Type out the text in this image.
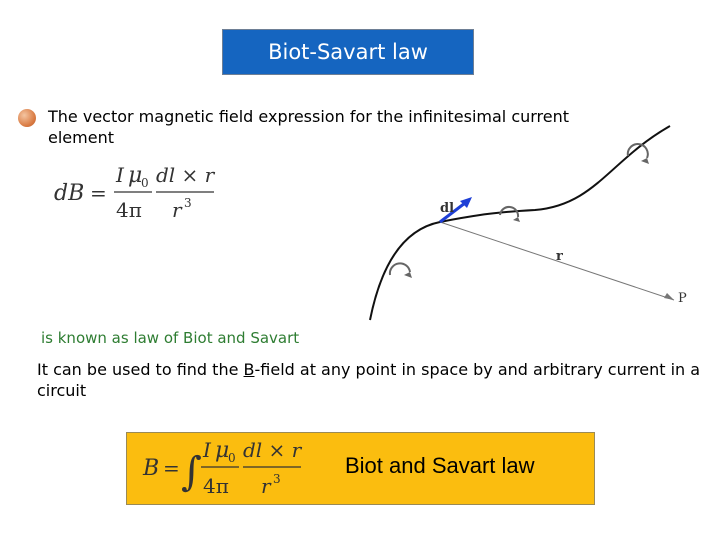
Biot-Savart law
The vector magnetic field expression for the infinitesimal current element
dB =
I μ
0
4π
dl × r
r 3	dl
r
P
is known as law of Biot and Savart
It can be used to find the B-field at any point in space by and arbitrary current in a circuit
B = ∫ I μ
0
4π
dl × r
r 3
Biot and Savart law
